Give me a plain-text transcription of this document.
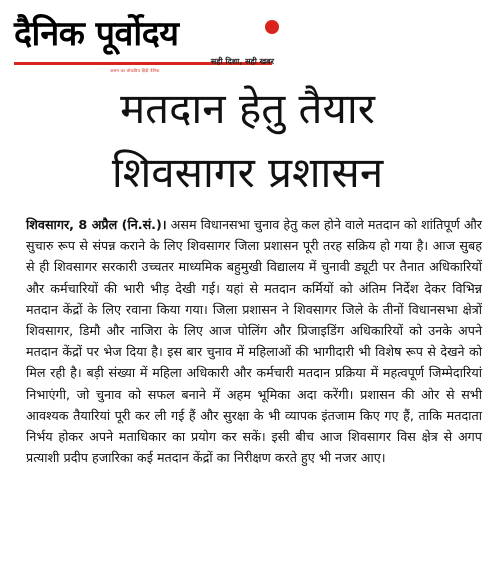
दैनिक पूर्वोदय
सही दिशा, सही खबर
असम का लोकप्रिय हिंदी दैनिक
मतदान हेतु तैयार
शिवसागर प्रशासन
शिवसागर, 8 अप्रैल (नि.सं.)। असम विधानसभा चुनाव हेतु कल होने वाले मतदान को शांतिपूर्ण और सुचारु रूप से संपन्न कराने के लिए शिवसागर जिला प्रशासन पूरी तरह सक्रिय हो गया है। आज सुबह से ही शिवसागर सरकारी उच्चतर माध्यमिक बहुमुखी विद्यालय में चुनावी ड्यूटी पर तैनात अधिकारियों और कर्मचारियों की भारी भीड़ देखी गई। यहां से मतदान कर्मियों को अंतिम निर्देश देकर विभिन्न मतदान केंद्रों के लिए रवाना किया गया। जिला प्रशासन ने शिवसागर जिले के तीनों विधानसभा क्षेत्रों शिवसागर, डिमौ और नाजिरा के लिए आज पोलिंग और प्रिजाइडिंग अधिकारियों को उनके अपने मतदान केंद्रों पर भेज दिया है। इस बार चुनाव में महिलाओं की भागीदारी भी विशेष रूप से देखने को मिल रही है। बड़ी संख्या में महिला अधिकारी और कर्मचारी मतदान प्रक्रिया में महत्वपूर्ण जिम्मेदारियां निभाएंगी, जो चुनाव को सफल बनाने में अहम भूमिका अदा करेंगी। प्रशासन की ओर से सभी आवश्यक तैयारियां पूरी कर ली गई हैं और सुरक्षा के भी व्यापक इंतजाम किए गए हैं, ताकि मतदाता निर्भय होकर अपने मताधिकार का प्रयोग कर सकें। इसी बीच आज शिवसागर विस क्षेत्र से अगप प्रत्याशी प्रदीप हजारिका कई मतदान केंद्रों का निरीक्षण करते हुए भी नजर आए।
